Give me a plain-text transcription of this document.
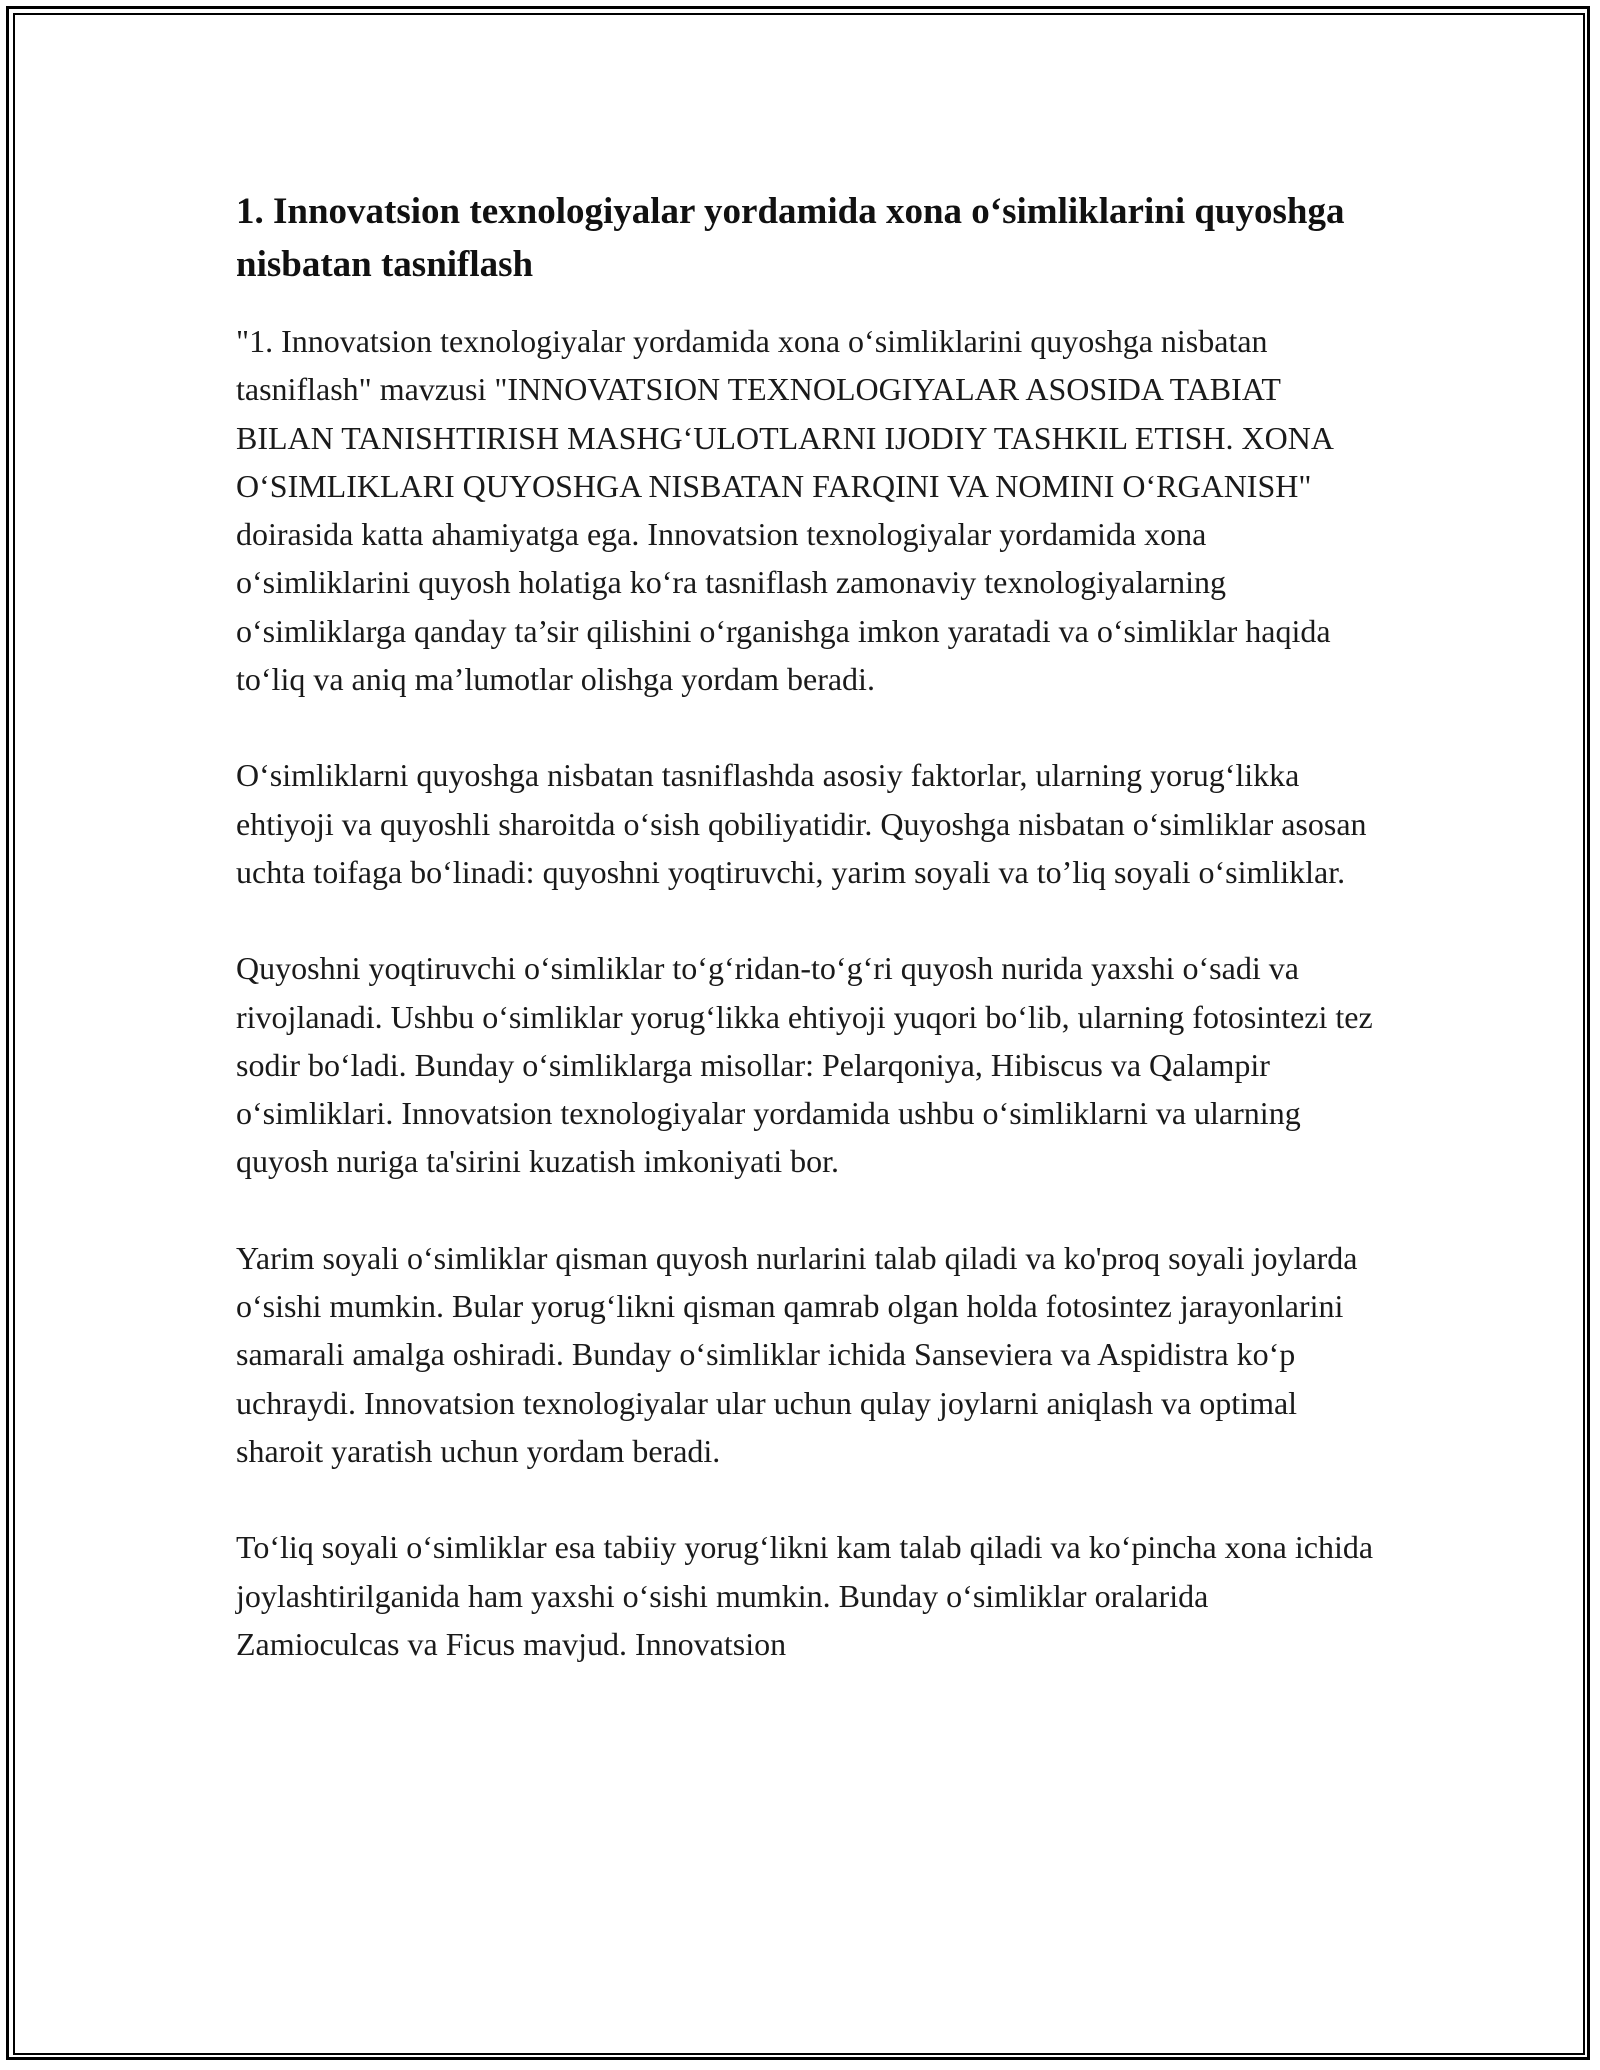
1. Innovatsion texnologiyalar yordamida xona o‘simliklarini quyoshga nisbatan tasniflash

"1. Innovatsion texnologiyalar yordamida xona o‘simliklarini quyoshga nisbatan tasniflash" mavzusi "INNOVATSION TEXNOLOGIYALAR ASOSIDA TABIAT BILAN TANISHTIRISH MASHG‘ULOTLARNI IJODIY TASHKIL ETISH. XONA O‘SIMLIKLARI QUYOSHGA NISBATAN FARQINI VA NOMINI O‘RGANISH" doirasida katta ahamiyatga ega. Innovatsion texnologiyalar yordamida xona o‘simliklarini quyosh holatiga ko‘ra tasniflash zamonaviy texnologiyalarning o‘simliklarga qanday ta’sir qilishini o‘rganishga imkon yaratadi va o‘simliklar haqida to‘liq va aniq ma’lumotlar olishga yordam beradi.

O‘simliklarni quyoshga nisbatan tasniflashda asosiy faktorlar, ularning yorug‘likka ehtiyoji va quyoshli sharoitda o‘sish qobiliyatidir. Quyoshga nisbatan o‘simliklar asosan uchta toifaga bo‘linadi: quyoshni yoqtiruvchi, yarim soyali va to’liq soyali o‘simliklar.

Quyoshni yoqtiruvchi o‘simliklar to‘g‘ridan-to‘g‘ri quyosh nurida yaxshi o‘sadi va rivojlanadi. Ushbu o‘simliklar yorug‘likka ehtiyoji yuqori bo‘lib, ularning fotosintezi tez sodir bo‘ladi. Bunday o‘simliklarga misollar: Pelarqoniya, Hibiscus va Qalampir o‘simliklari. Innovatsion texnologiyalar yordamida ushbu o‘simliklarni va ularning quyosh nuriga ta'sirini kuzatish imkoniyati bor.

Yarim soyali o‘simliklar qisman quyosh nurlarini talab qiladi va ko'proq soyali joylarda o‘sishi mumkin. Bular yorug‘likni qisman qamrab olgan holda fotosintez jarayonlarini samarali amalga oshiradi. Bunday o‘simliklar ichida Sanseviera va Aspidistra ko‘p uchraydi. Innovatsion texnologiyalar ular uchun qulay joylarni aniqlash va optimal sharoit yaratish uchun yordam beradi.

To‘liq soyali o‘simliklar esa tabiiy yorug‘likni kam talab qiladi va ko‘pincha xona ichida joylashtirilganida ham yaxshi o‘sishi mumkin. Bunday o‘simliklar oralarida Zamioculcas va Ficus mavjud. Innovatsion
